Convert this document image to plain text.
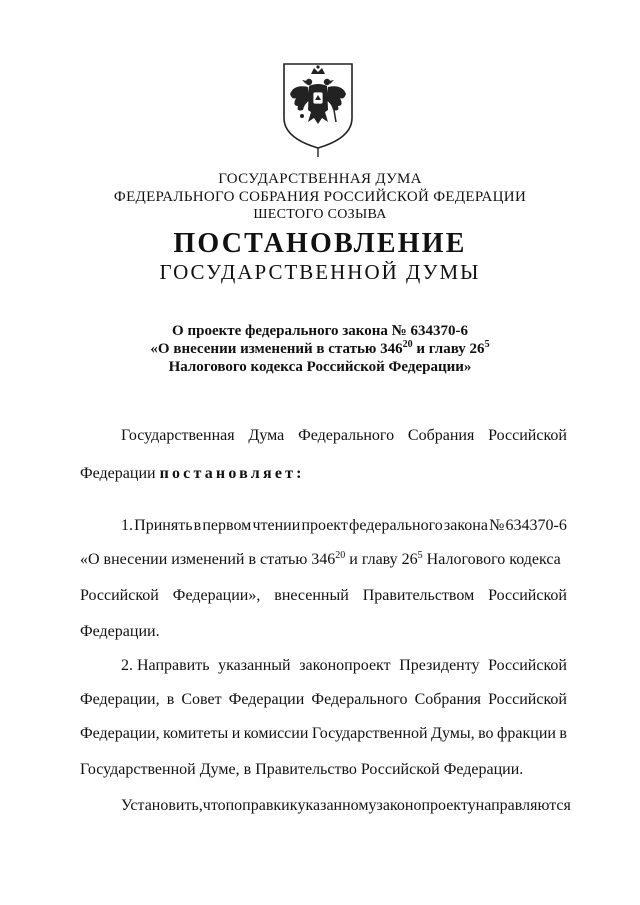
ГОСУДАРСТВЕННАЯ ДУМА
ФЕДЕРАЛЬНОГО СОБРАНИЯ РОССИЙСКОЙ ФЕДЕРАЦИИ
ШЕСТОГО СОЗЫВА
ПОСТАНОВЛЕНИЕ
ГОСУДАРСТВЕННОЙ ДУМЫ
О проекте федерального закона № 634370-6
«О внесении изменений в статью $346^{20}$ и главу $26^5$
Налогового кодекса Российской Федерации»
Государственная Дума Федерального Собрания Российской
Федерации постановляет:
1. Принять в первом чтении проект федерального закона № 634370-6
«О внесении изменений в статью $346^{20}$ и главу $26^5$ Налогового кодекса
Российской Федерации», внесенный Правительством Российской
Федерации.
2. Направить указанный законопроект Президенту Российской
Федерации, в Совет Федерации Федерального Собрания Российской
Федерации, комитеты и комиссии Государственной Думы, во фракции в
Государственной Думе, в Правительство Российской Федерации.
Установить, что поправки к указанному законопроекту направляются
